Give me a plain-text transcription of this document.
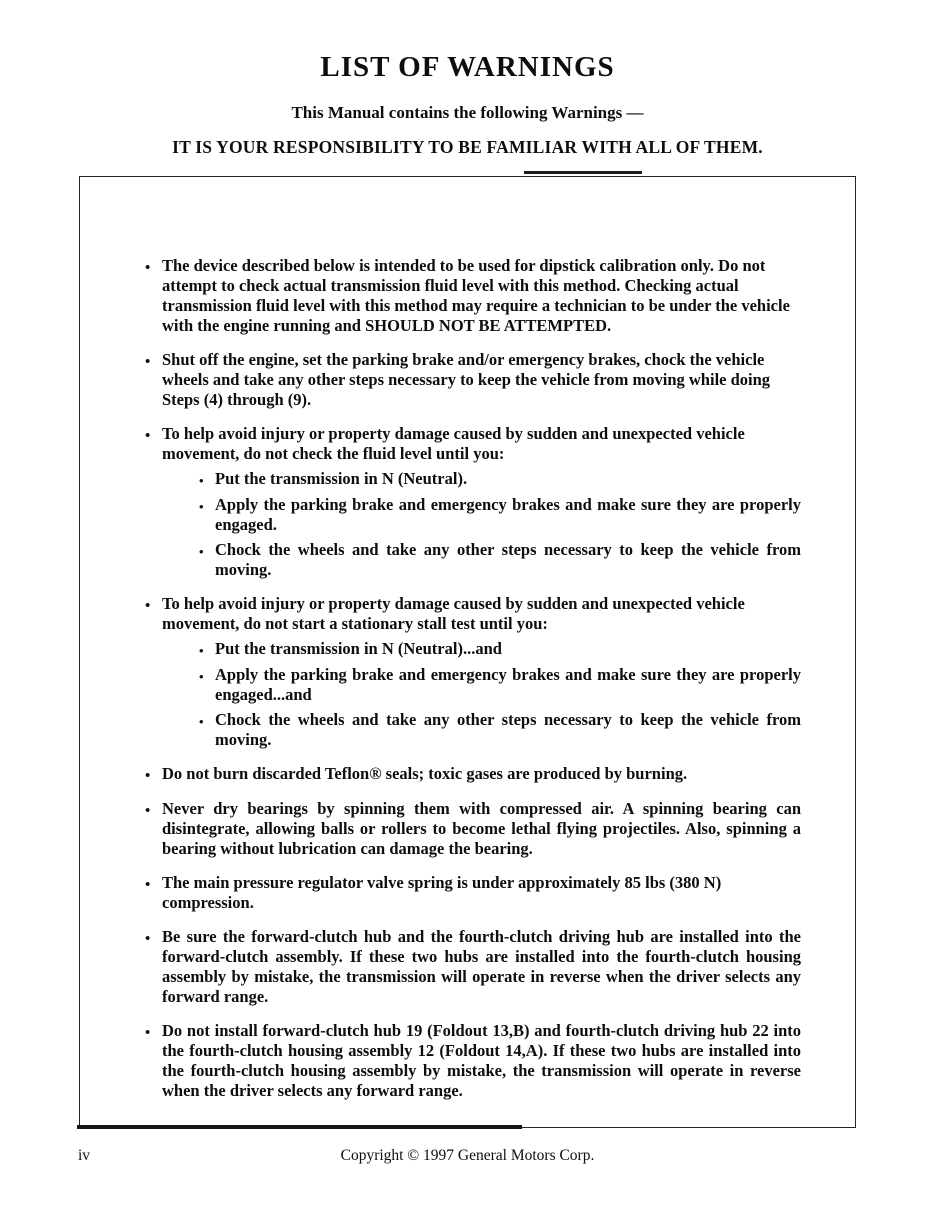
LIST OF WARNINGS
This Manual contains the following Warnings —
IT IS YOUR RESPONSIBILITY TO BE FAMILIAR WITH ALL OF THEM.
•

The device described below is intended to be used for dipstick calibration only. Do not attempt to check actual transmission fluid level with this method. Checking actual transmission fluid level with this method may require a technician to be under the vehicle with the engine running and SHOULD NOT BE ATTEMPTED.

•

Shut off the engine, set the parking brake and/or emergency brakes, chock the vehicle wheels and take any other steps necessary to keep the vehicle from moving while doing Steps (4) through (9).

•

To help avoid injury or property damage caused by sudden and unexpected vehicle movement, do not check the fluid level until you:

•

Put the transmission in N (Neutral).

•

Apply the parking brake and emergency brakes and make sure they are properly engaged.

•

Chock the wheels and take any other steps necessary to keep the vehicle from moving.

•

To help avoid injury or property damage caused by sudden and unexpected vehicle movement, do not start a stationary stall test until you:

•

Put the transmission in N (Neutral)...and

•

Apply the parking brake and emergency brakes and make sure they are properly engaged...and

•

Chock the wheels and take any other steps necessary to keep the vehicle from moving.

•

Do not burn discarded Teflon® seals; toxic gases are produced by burning.

•

Never dry bearings by spinning them with compressed air. A spinning bearing can disintegrate, allowing balls or rollers to become lethal flying projectiles. Also, spinning a bearing without lubrication can damage the bearing.

•

The main pressure regulator valve spring is under approximately 85 lbs (380 N) compression.

•

Be sure the forward-clutch hub and the fourth-clutch driving hub are installed into the forward-clutch assembly. If these two hubs are installed into the fourth-clutch housing assembly by mistake, the transmission will operate in reverse when the driver selects any forward range.

•

Do not install forward-clutch hub 19 (Foldout 13,B) and fourth-clutch driving hub 22 into the fourth-clutch housing assembly 12 (Foldout 14,A). If these two hubs are installed into the fourth-clutch housing assembly by mistake, the transmission will operate in reverse when the driver selects any forward range.

iv	Copyright © 1997 General Motors Corp.
